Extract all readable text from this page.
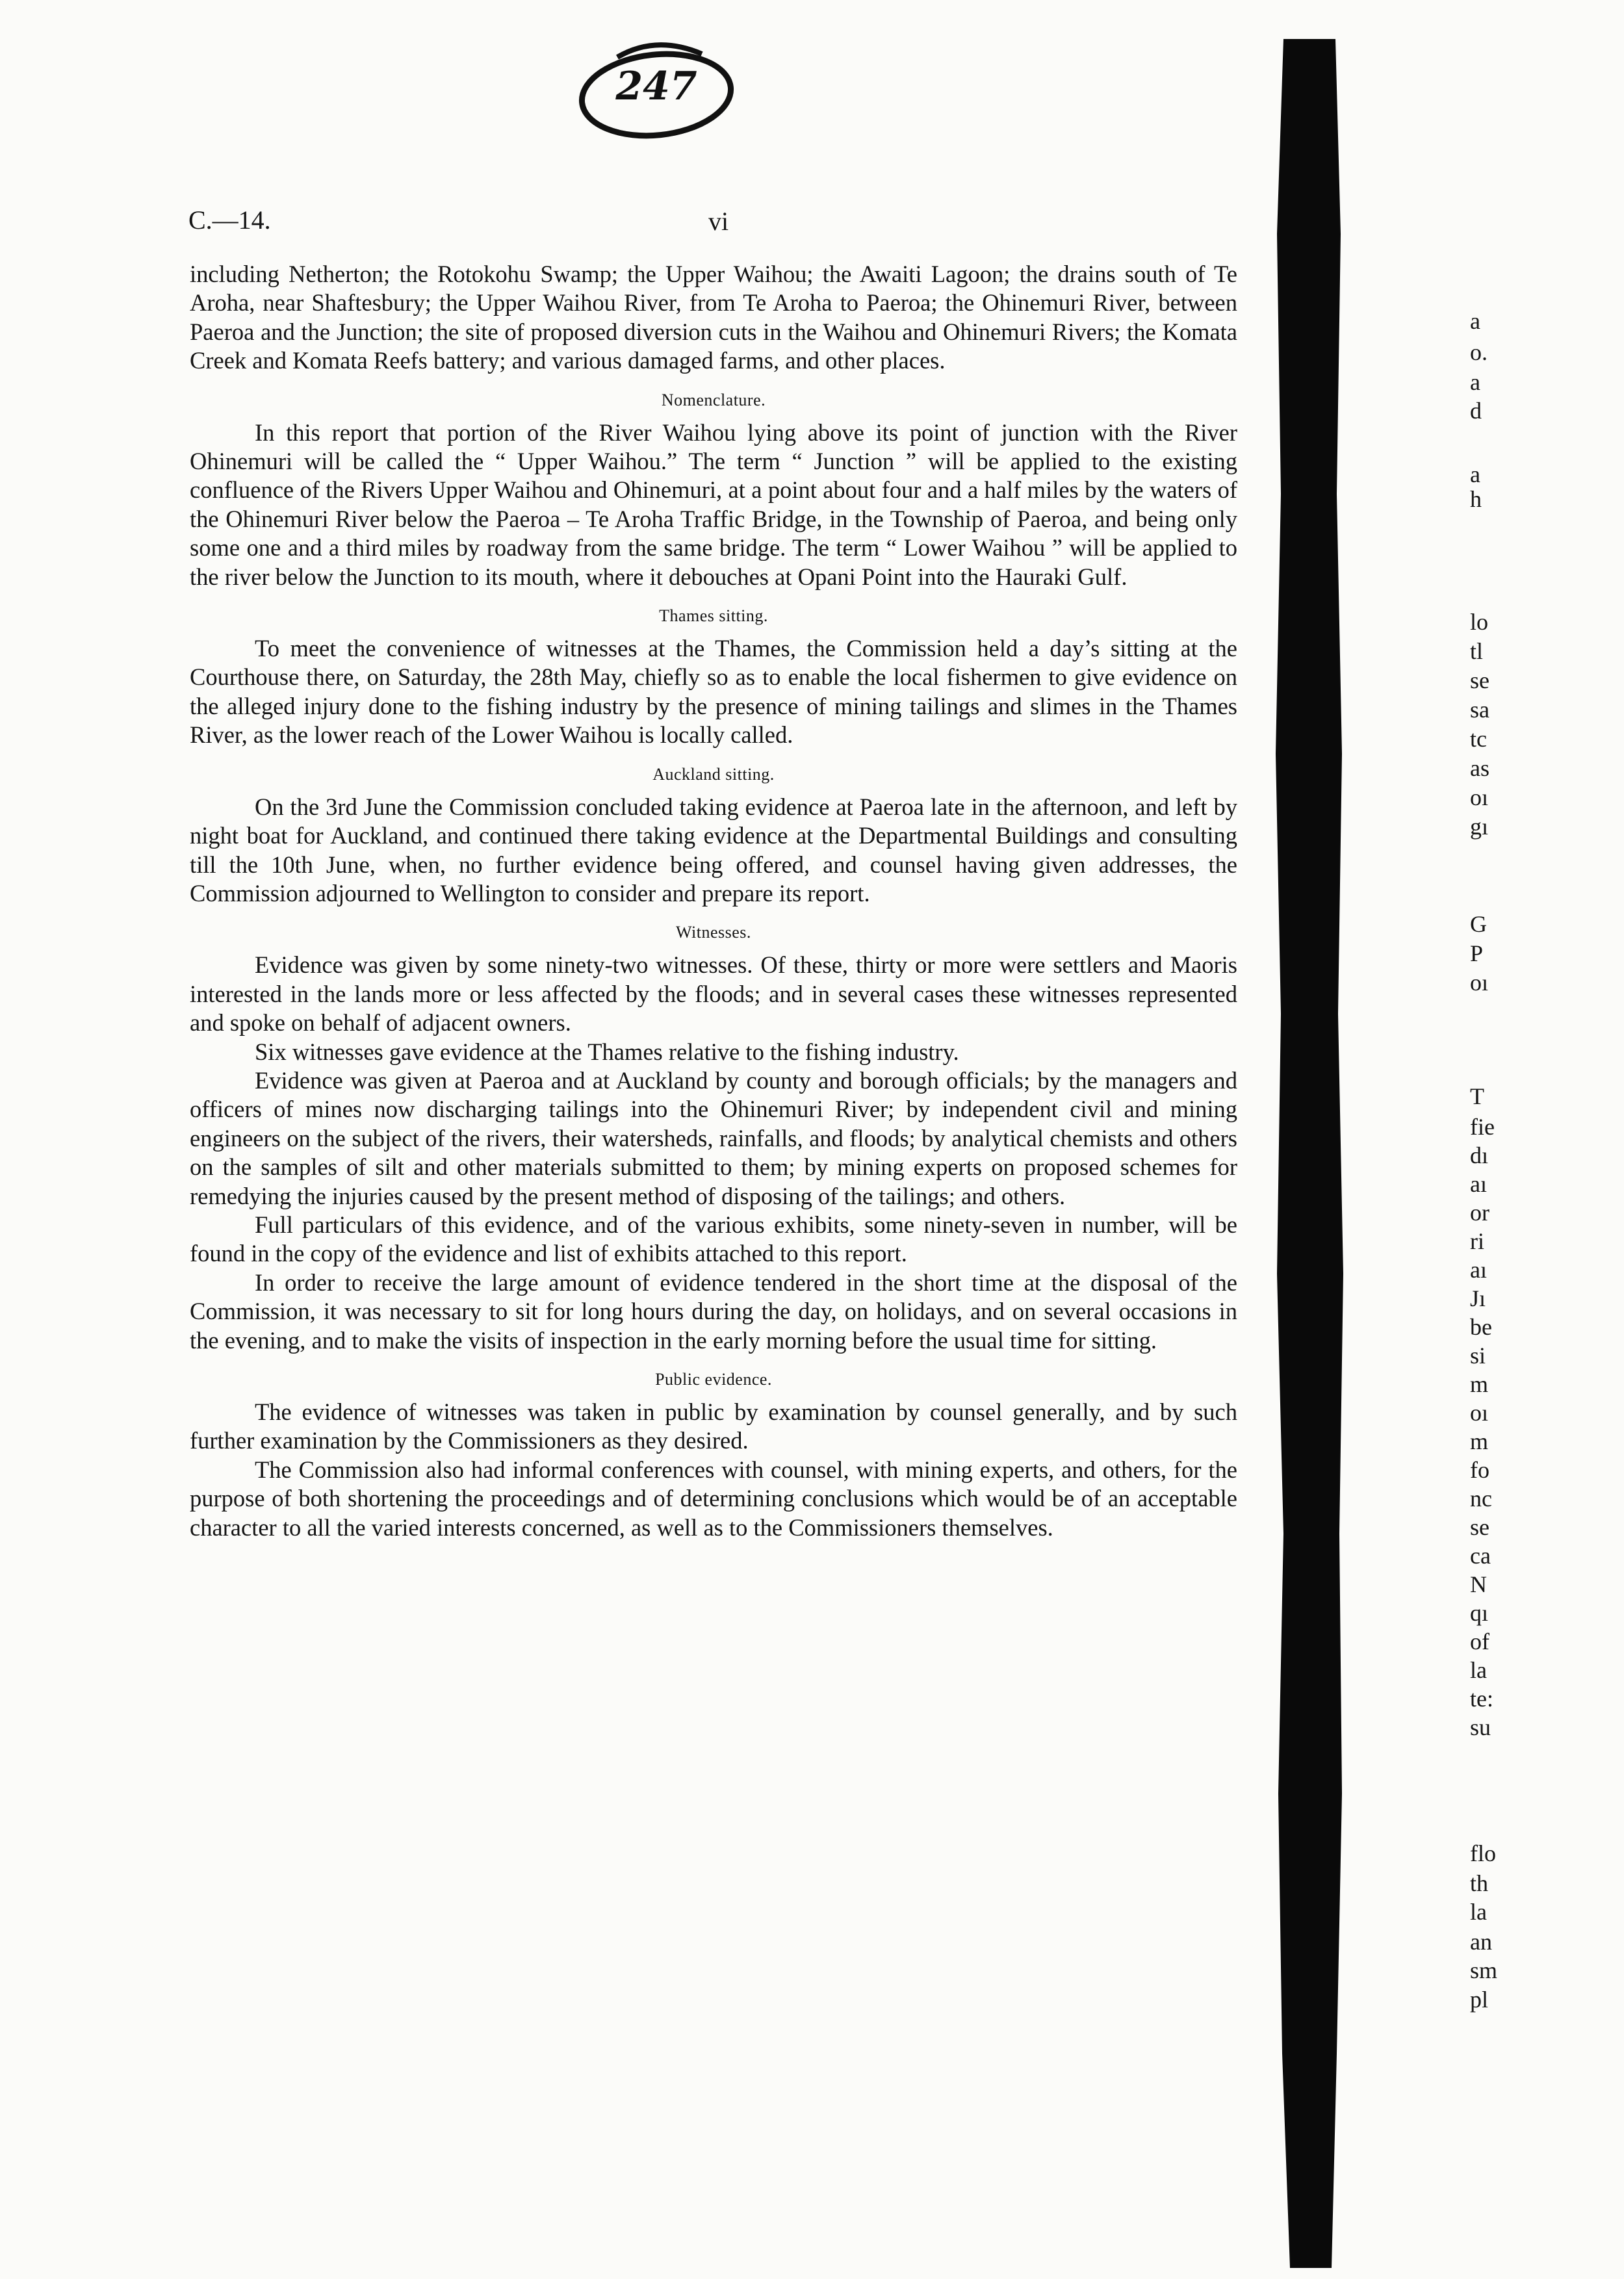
247
C.—14.	vi

including Netherton; the Rotokohu Swamp; the Upper Waihou; the Awaiti Lagoon; the drains south of Te Aroha, near Shaftesbury; the Upper Waihou River, from Te Aroha to Paeroa; the Ohinemuri River, between Paeroa and the Junction; the site of proposed diversion cuts in the Waihou and Ohinemuri Rivers; the Komata Creek and Komata Reefs battery; and various damaged farms, and other places.

Nomenclature.

In this report that portion of the River Waihou lying above its point of junction with the River Ohinemuri will be called the “ Upper Waihou.” The term “ Junction ” will be applied to the existing confluence of the Rivers Upper Waihou and Ohinemuri, at a point about four and a half miles by the waters of the Ohinemuri River below the Paeroa – Te Aroha Traffic Bridge, in the Township of Paeroa, and being only some one and a third miles by roadway from the same bridge. The term “ Lower Waihou ” will be applied to the river below the Junction to its mouth, where it debouches at Opani Point into the Hauraki Gulf.

Thames sitting.

To meet the convenience of witnesses at the Thames, the Commission held a day’s sitting at the Courthouse there, on Saturday, the 28th May, chiefly so as to enable the local fishermen to give evidence on the alleged injury done to the fishing industry by the presence of mining tailings and slimes in the Thames River, as the lower reach of the Lower Waihou is locally called.

Auckland sitting.

On the 3rd June the Commission concluded taking evidence at Paeroa late in the afternoon, and left by night boat for Auckland, and continued there taking evidence at the Departmental Buildings and consulting till the 10th June, when, no further evidence being offered, and counsel having given addresses, the Commission adjourned to Wellington to consider and prepare its report.

Witnesses.

Evidence was given by some ninety-two witnesses. Of these, thirty or more were settlers and Maoris interested in the lands more or less affected by the floods; and in several cases these witnesses represented and spoke on behalf of adjacent owners.

Six witnesses gave evidence at the Thames relative to the fishing industry.

Evidence was given at Paeroa and at Auckland by county and borough officials; by the managers and officers of mines now discharging tailings into the Ohinemuri River; by independent civil and mining engineers on the subject of the rivers, their watersheds, rainfalls, and floods; by analytical chemists and others on the samples of silt and other materials submitted to them; by mining experts on proposed schemes for remedying the injuries caused by the present method of disposing of the tailings; and others.

Full particulars of this evidence, and of the various exhibits, some ninety-seven in number, will be found in the copy of the evidence and list of exhibits attached to this report.

In order to receive the large amount of evidence tendered in the short time at the disposal of the Commission, it was necessary to sit for long hours during the day, on holidays, and on several occasions in the evening, and to make the visits of inspection in the early morning before the usual time for sitting.

Public evidence.

The evidence of witnesses was taken in public by examination by counsel generally, and by such further examination by the Commissioners as they desired.

The Commission also had informal conferences with counsel, with mining experts, and others, for the purpose of both shortening the proceedings and of determining conclusions which would be of an acceptable character to all the varied interests concerned, as well as to the Commissioners themselves.

a
o.
a
d
a
h
lo
tl
se
sa
tc
as
oı
gı
G
P
oı
T
fie
dı
aı
or
ri
aı
Jı
be
si
m
oı
m
fo
nc
se
ca
N
qı
of
la
te:
su
flo
th
la
an
sm
pl
